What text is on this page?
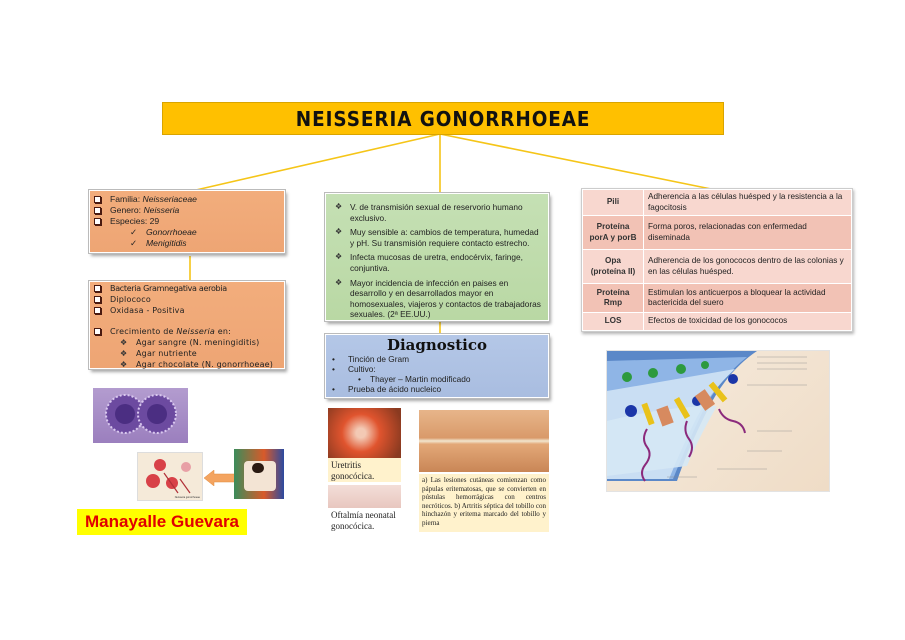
NEISSERIA GONORRHOEAE
Familia: Neisseriaceae
Genero: Neisseria
Especies: 29
✓ Gonorrhoeae
✓ Menigitidis
Bacteria Gramnegativa aerobia
Diplococo
Oxidasa - Positiva
Crecimiento de Neisseria en:
❖ Agar sangre (N. meningiditis)
❖ Agar nutriente
❖ Agar chocolate (N. gonorrhoeae)
❖ V. de transmisión sexual de reservorio humano exclusivo.
❖ Muy sensible a: cambios de temperatura, humedad y pH. Su transmisión requiere contacto estrecho.
❖ Infecta mucosas de uretra, endocérvix, faringe, conjuntiva.
❖ Mayor incidencia de infección en paises en desarrollo y en desarrollados mayor en homosexuales, viajeros y contactos de trabajadoras sexuales. (2ª EE.UU.)
Diagnostico
• Tinción de Gram
• Cultivo:
• Thayer – Martin modificado
• Prueba de ácido nucleico
Pili	Adherencia a las células huésped y la resistencia a la fagocitosis
Proteína porA y porB	Forma poros, relacionadas con enfermedad diseminada
Opa (proteína II)	Adherencia de los gonococos dentro de las colonias y en las células huésped.
Proteína Rmp	Estimulan los anticuerpos a bloquear la actividad bactericida del suero
LOS	Efectos de toxicidad de los gonococos
Neisseria gonorrhoeae
Manayalle Guevara
Uretritis gonocócica.
Oftalmía neonatal gonocócica.
a) Las lesiones cutáneas comienzan como pápulas eritematosas, que se convierten en pústulas hemorrágicas con centros necróticos. b) Artritis séptica del tobillo con hinchazón y eritema marcado del tobillo y pierna
